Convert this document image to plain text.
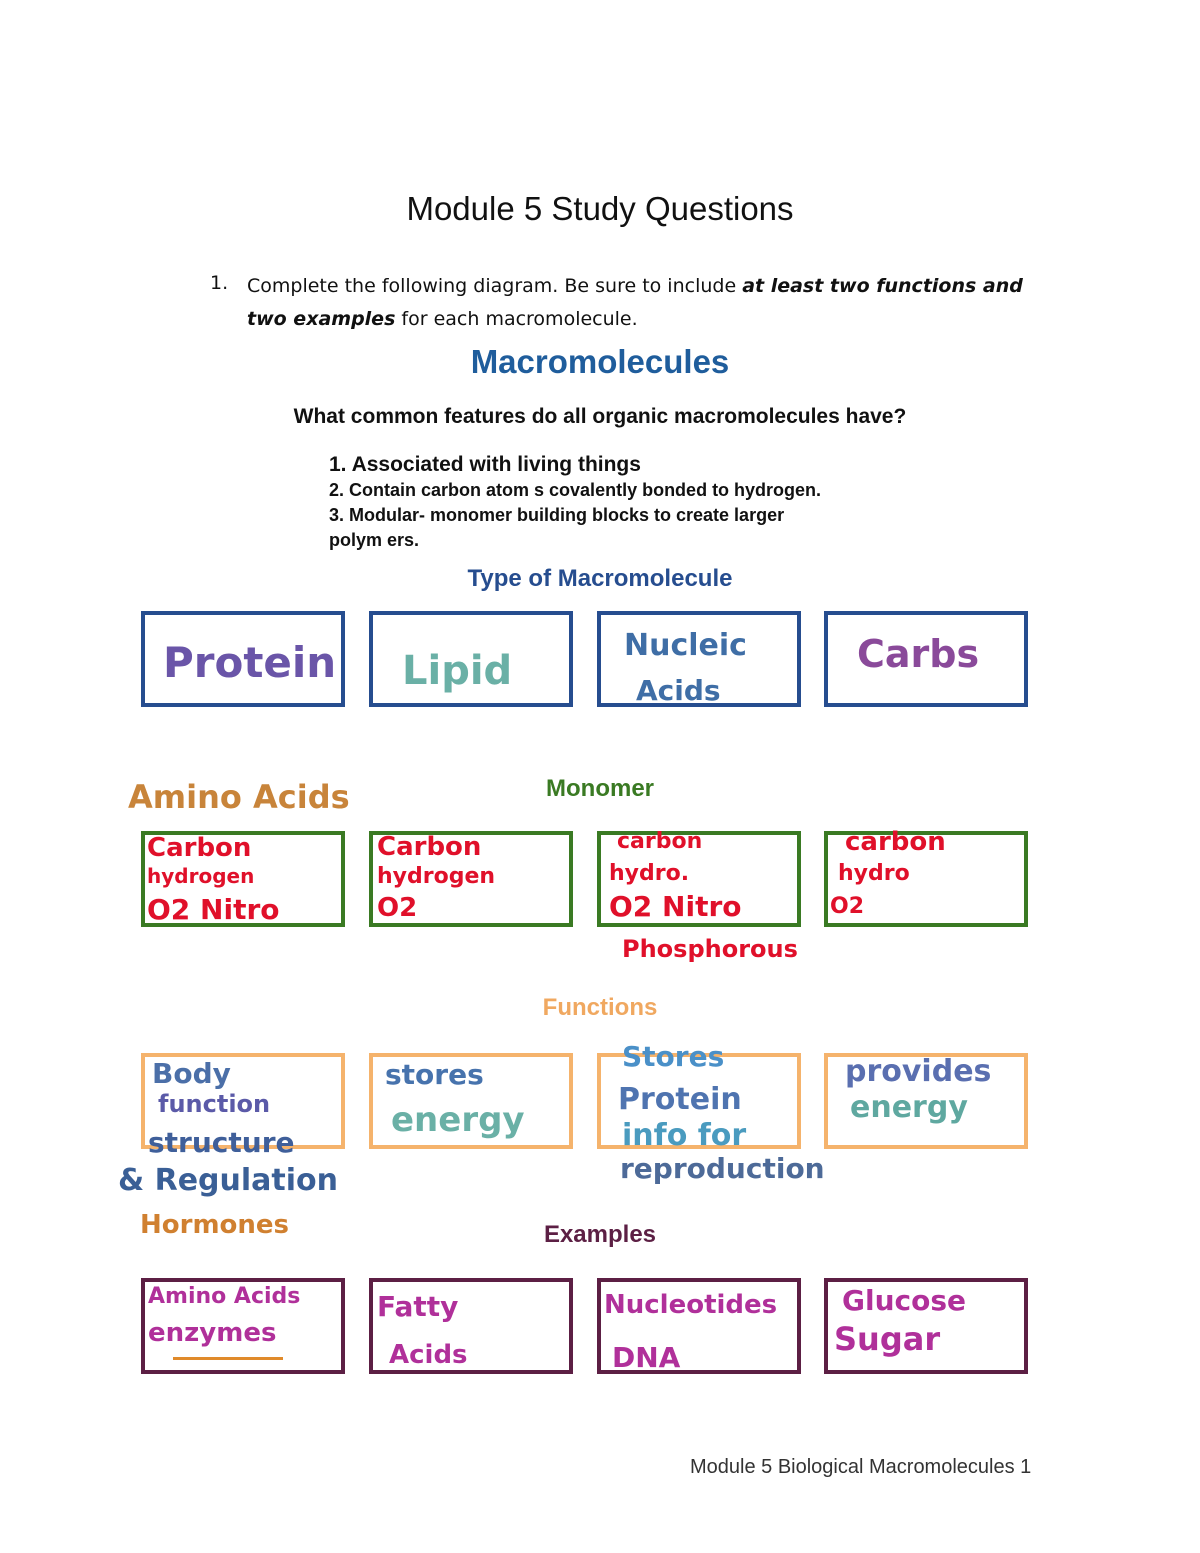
Module 5 Study Questions
1. Complete the following diagram. Be sure to include at least two functions and two examples for each macromolecule.
Macromolecules
What common features do all organic macromolecules have?
1. Associated with living things
2. Contain carbon atom s covalently bonded to hydrogen.
3. Modular- monomer building blocks to create larger
polym ers.
Type of Macromolecule
Protein Lipid
Nucleic
Acids
Carbs
Amino Acids	Monomer
Carbon
hydrogen
O2 Nitro
Carbon
hydrogen
O2
carbon
hydro.
O2 Nitro
Phosphorous
carbon
hydro
O2
Functions
Body
function
structure
& Regulation
Hormones
stores
energy
Stores
Protein
info for
reproduction
provides
energy
Examples
Amino Acids
enzymes
Fatty
Acids
Nucleotides
DNA
Glucose
Sugar
Module 5 Biological Macromolecules 1
